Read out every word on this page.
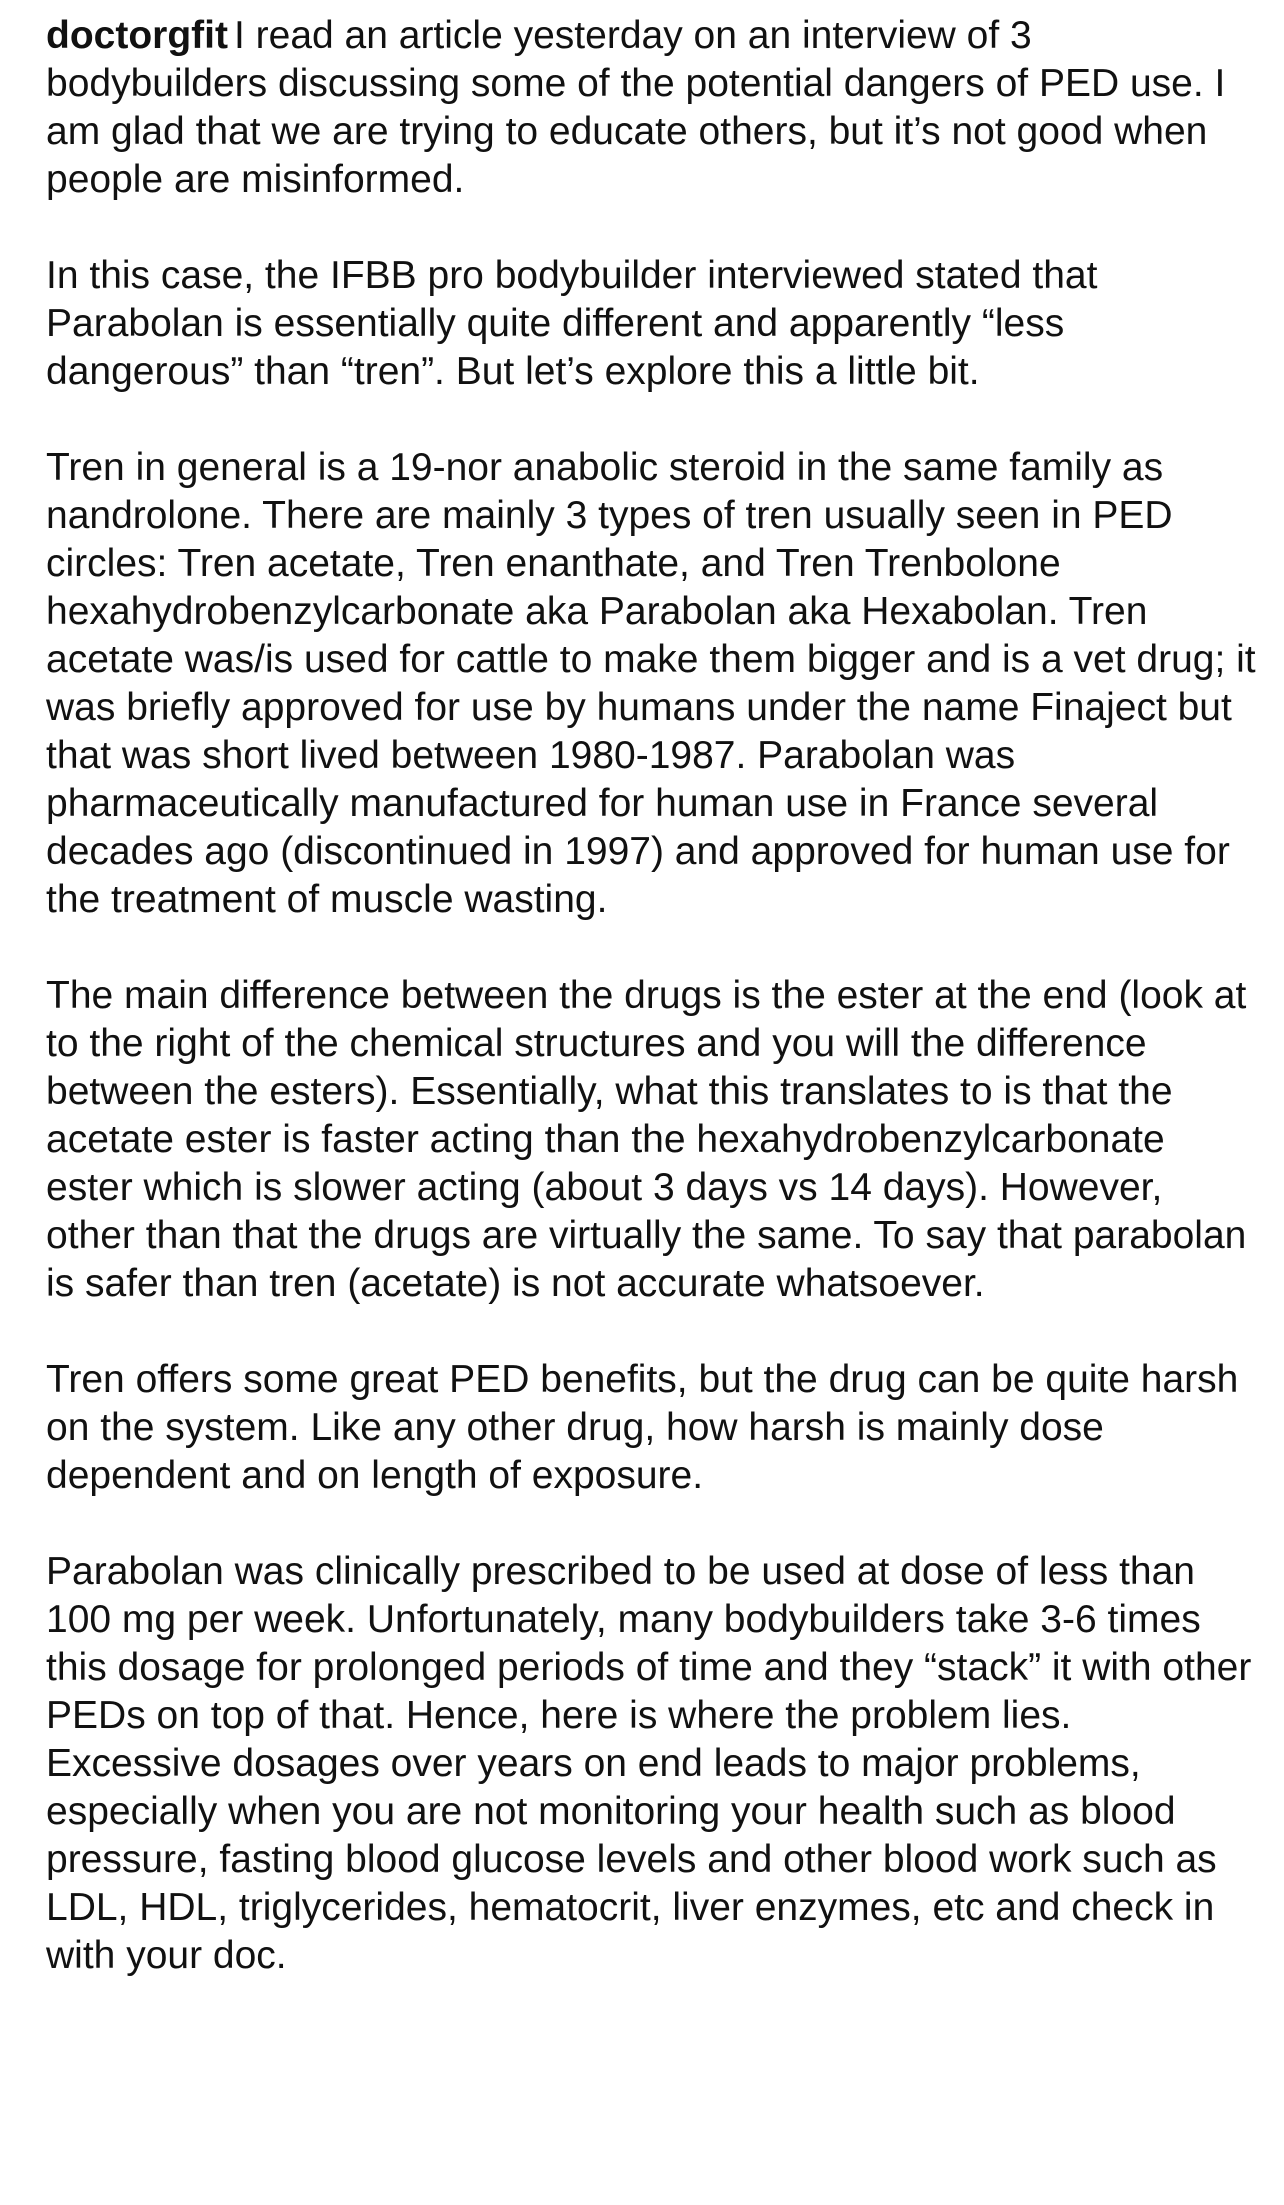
doctorgfit I read an article yesterday on an interview of 3 bodybuilders discussing some of the potential dangers of PED use. I am glad that we are trying to educate others, but it’s not good when people are misinformed.

In this case, the IFBB pro bodybuilder interviewed stated that Parabolan is essentially quite different and apparently “less dangerous” than “tren”. But let’s explore this a little bit.

Tren in general is a 19-nor anabolic steroid in the same family as nandrolone. There are mainly 3 types of tren usually seen in PED circles: Tren acetate, Tren enanthate, and Tren Trenbolone hexahydrobenzylcarbonate aka Parabolan aka Hexabolan. Tren acetate was/is used for cattle to make them bigger and is a vet drug; it was briefly approved for use by humans under the name Finaject but that was short lived between 1980-1987. Parabolan was pharmaceutically manufactured for human use in France several decades ago (discontinued in 1997) and approved for human use for the treatment of muscle wasting.

The main difference between the drugs is the ester at the end (look at to the right of the chemical structures and you will the difference between the esters). Essentially, what this translates to is that the acetate ester is faster acting than the hexahydrobenzylcarbonate ester which is slower acting (about 3 days vs 14 days). However, other than that the drugs are virtually the same. To say that parabolan is safer than tren (acetate) is not accurate whatsoever.

Tren offers some great PED benefits, but the drug can be quite harsh on the system. Like any other drug, how harsh is mainly dose dependent and on length of exposure.

Parabolan was clinically prescribed to be used at dose of less than 100 mg per week. Unfortunately, many bodybuilders take 3-6 times this dosage for prolonged periods of time and they “stack” it with other PEDs on top of that. Hence, here is where the problem lies. Excessive dosages over years on end leads to major problems, especially when you are not monitoring your health such as blood pressure, fasting blood glucose levels and other blood work such as LDL, HDL, triglycerides, hematocrit, liver enzymes, etc and check in with your doc.
